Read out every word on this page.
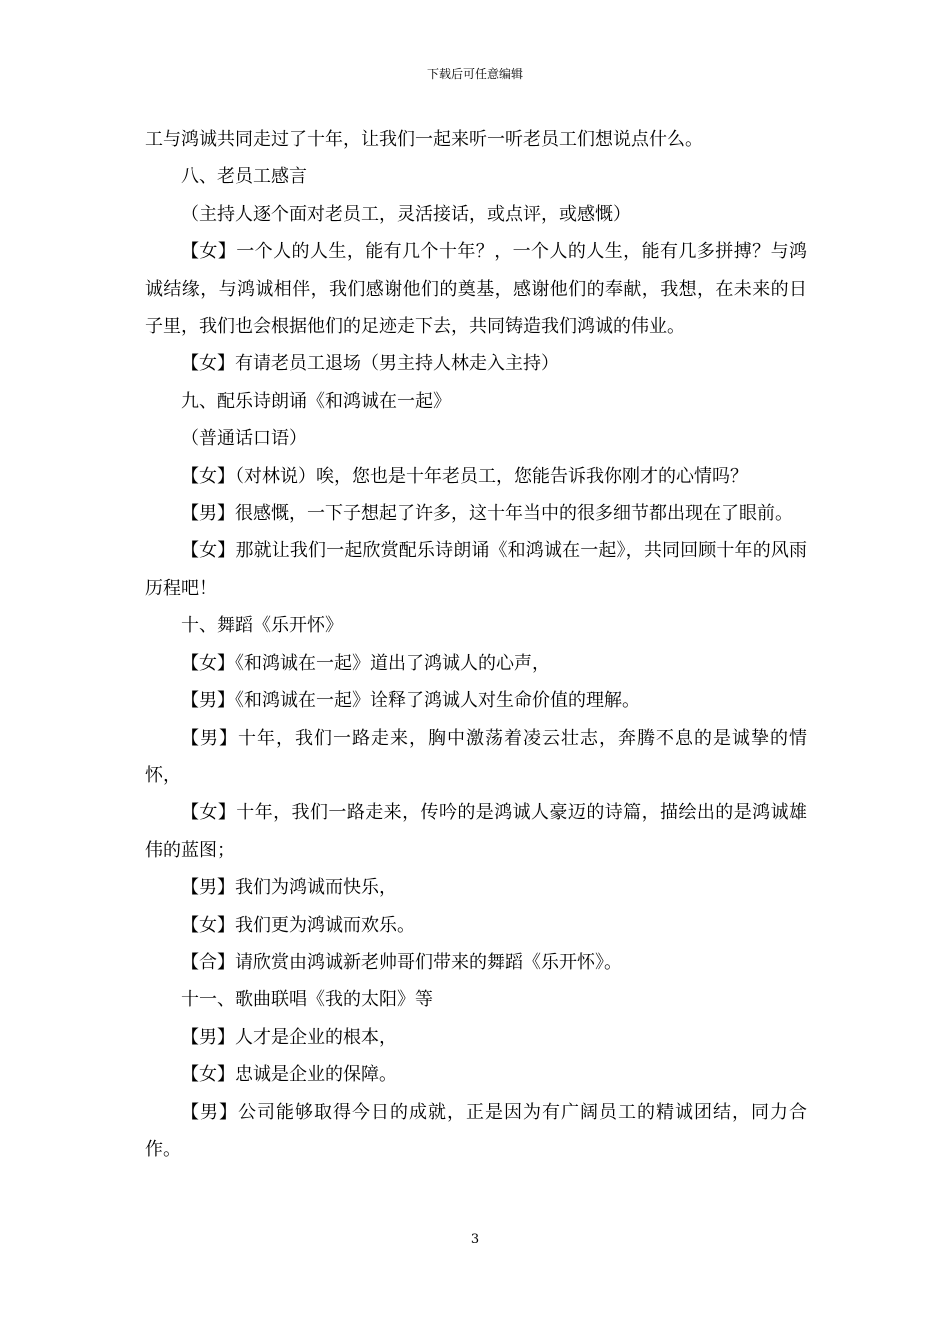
下载后可任意编辑

工与鸿诚共同走过了十年，让我们一起来听一听老员工们想说点什么。

八、老员工感言

（主持人逐个面对老员工，灵活接话，或点评，或感慨）

【女】一个人的人生，能有几个十年？，一个人的人生，能有几多拼搏？与鸿诚结缘，与鸿诚相伴，我们感谢他们的奠基，感谢他们的奉献，我想，在未来的日子里，我们也会根据他们的足迹走下去，共同铸造我们鸿诚的伟业。

【女】有请老员工退场（男主持人林走入主持）

九、配乐诗朗诵《和鸿诚在一起》

（普通话口语）

【女】（对林说）唉，您也是十年老员工，您能告诉我你刚才的心情吗？

【男】很感慨，一下子想起了许多，这十年当中的很多细节都出现在了眼前。

【女】那就让我们一起欣赏配乐诗朗诵《和鸿诚在一起》，共同回顾十年的风雨历程吧！

十、舞蹈《乐开怀》

【女】《和鸿诚在一起》道出了鸿诚人的心声，

【男】《和鸿诚在一起》诠释了鸿诚人对生命价值的理解。

【男】十年，我们一路走来，胸中激荡着凌云壮志，奔腾不息的是诚挚的情怀，

【女】十年，我们一路走来，传吟的是鸿诚人豪迈的诗篇，描绘出的是鸿诚雄伟的蓝图；

【男】我们为鸿诚而快乐，

【女】我们更为鸿诚而欢乐。

【合】请欣赏由鸿诚新老帅哥们带来的舞蹈《乐开怀》。

十一、歌曲联唱《我的太阳》等

【男】人才是企业的根本，

【女】忠诚是企业的保障。

【男】公司能够取得今日的成就，正是因为有广阔员工的精诚团结，同力合作。

3
